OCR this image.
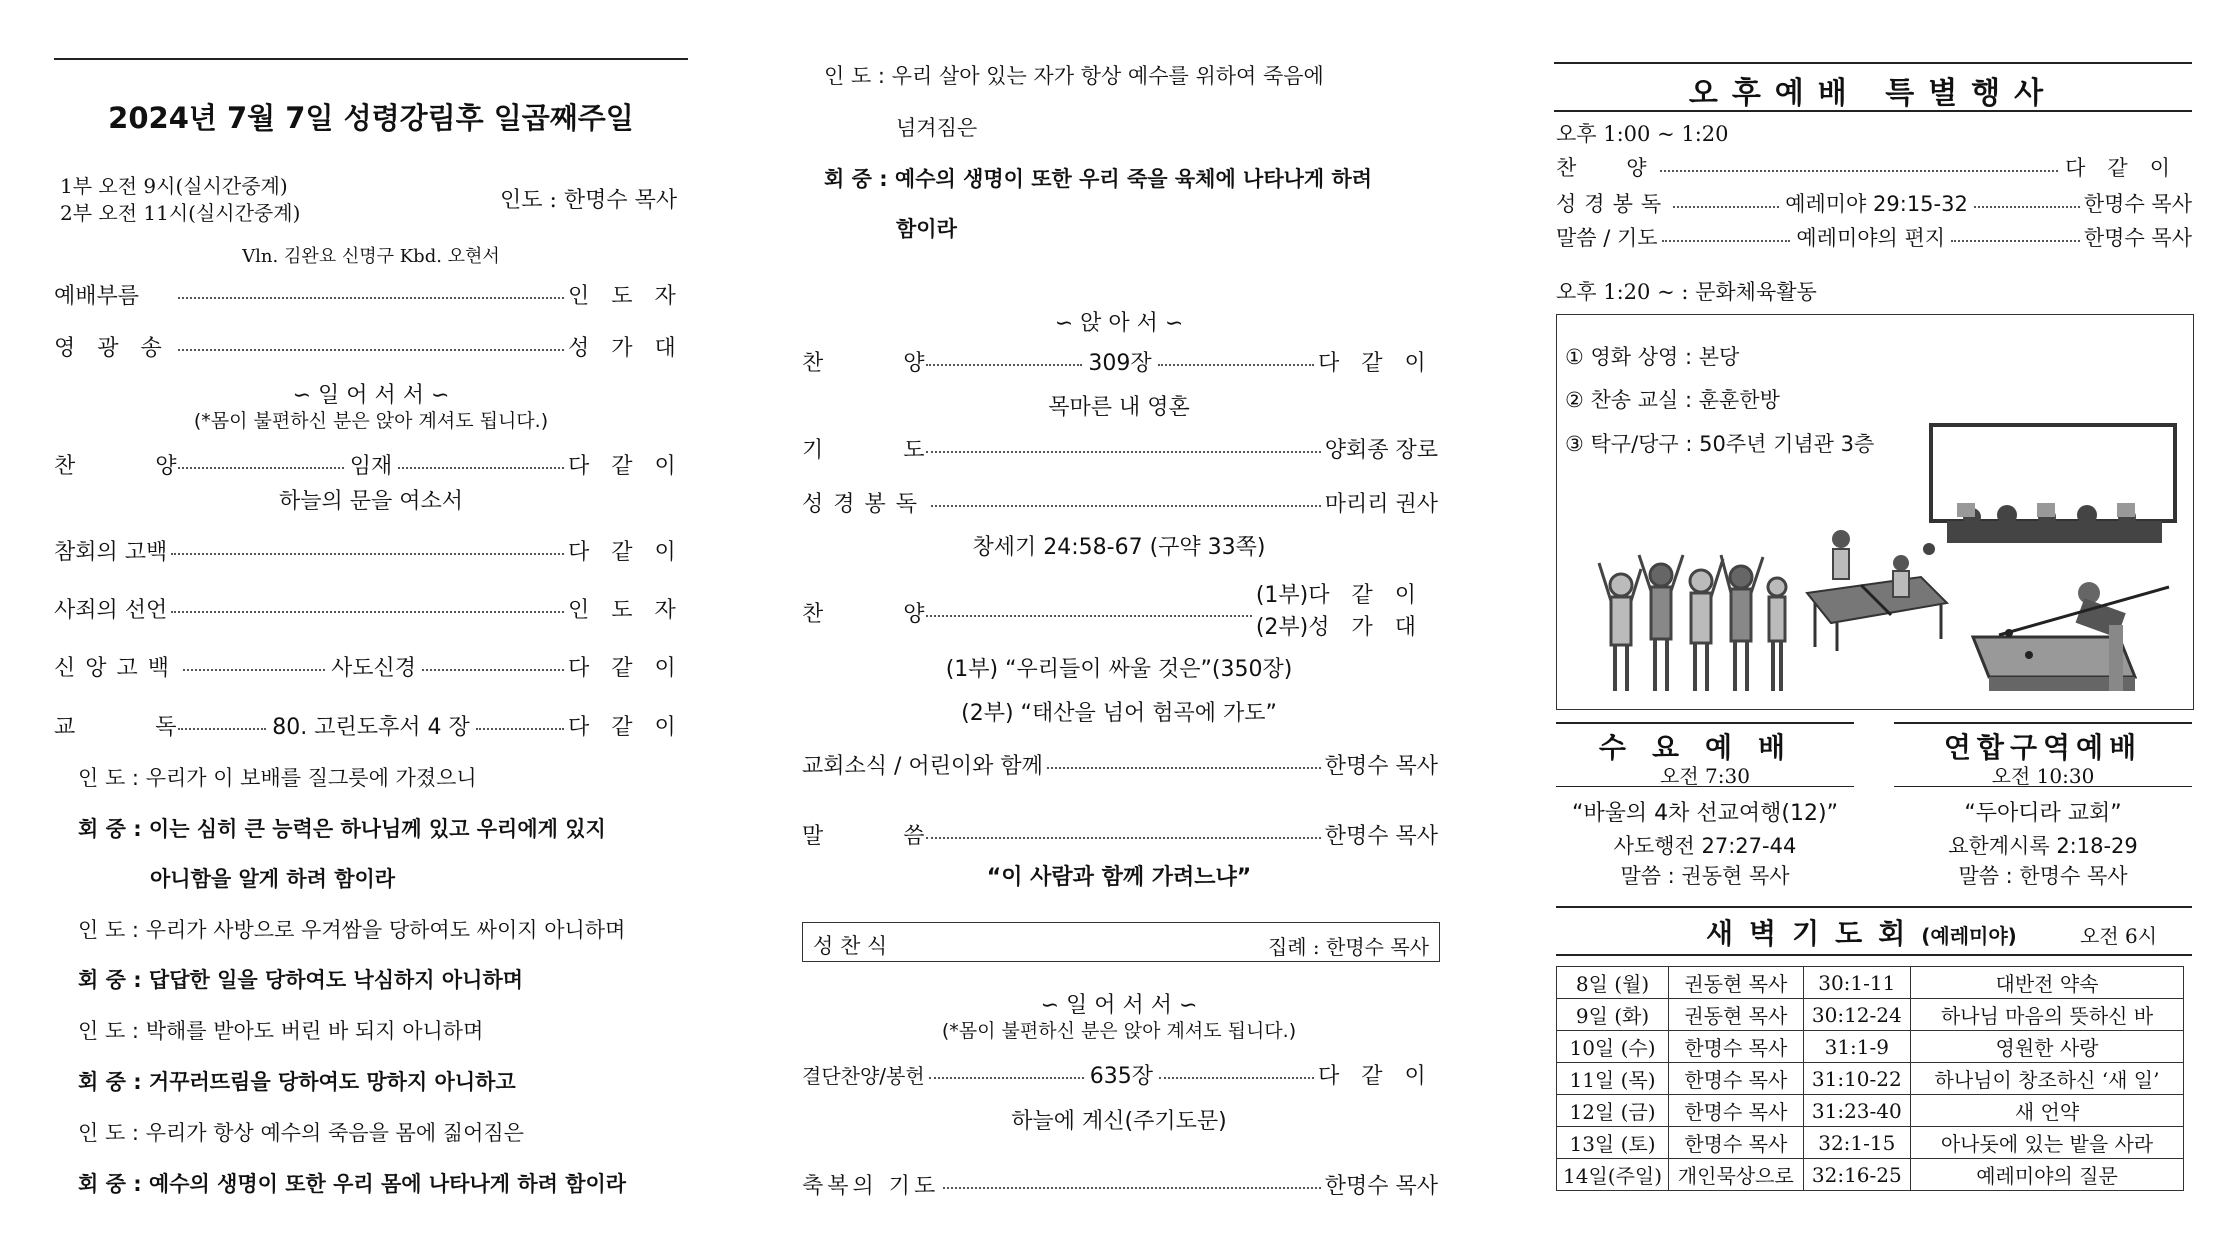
2024년 7월 7일 성령강림후 일곱째주일
1부 오전 9시(실시간중계)
2부 오전 11시(실시간중계)	인도 : 한명수 목사
Vln. 김완요 신명구 Kbd. 오현서
예배부름	인도자
영광송	성가대
∽ 일 어 서 서 ∽
(*몸이 불편하신 분은 앉아 계셔도 됩니다.)
찬양	임재	다같이
하늘의 문을 여소서
참회의 고백	다같이
사죄의 선언	인도자
신앙고백	사도신경	다같이
교독 80. 고린도후서 4 장	다같이
인 도 : 우리가 이 보배를 질그릇에 가졌으니
회 중 : 이는 심히 큰 능력은 하나님께 있고 우리에게 있지
아니함을 알게 하려 함이라
인 도 : 우리가 사방으로 우겨쌈을 당하여도 싸이지 아니하며
회 중 : 답답한 일을 당하여도 낙심하지 아니하며
인 도 : 박해를 받아도 버린 바 되지 아니하며
회 중 : 거꾸러뜨림을 당하여도 망하지 아니하고
인 도 : 우리가 항상 예수의 죽음을 몸에 짊어짐은
회 중 : 예수의 생명이 또한 우리 몸에 나타나게 하려 함이라
인 도 : 우리 살아 있는 자가 항상 예수를 위하여 죽음에
넘겨짐은
회 중 : 예수의 생명이 또한 우리 죽을 육체에 나타나게 하려
함이라
∽ 앉 아 서 ∽
찬양	309장	다같이
목마른 내 영혼
기도	양회종 장로
성경봉독	마리리 권사
창세기 24:58-67 (구약 33쪽)
찬양
(1부)다같이
(2부)성가대
(1부) “우리들이 싸울 것은”(350장)
(2부) “태산을 넘어 험곡에 가도”
교회소식 / 어린이와 함께	한명수 목사
말씀	한명수 목사
“이 사람과 함께 가려느냐”
성 찬 식	집례 : 한명수 목사
∽ 일 어 서 서 ∽
(*몸이 불편하신 분은 앉아 계셔도 됩니다.)
결단찬양/봉헌	635장	다같이
하늘에 계신(주기도문)
축복의 기도	한명수 목사
오후예배 특별행사
오후 1:00 ~ 1:20
찬양	다같이
성경봉독	예레미야 29:15-32	한명수 목사
말씀 / 기도	예레미야의 편지	한명수 목사
오후 1:20 ~ : 문화체육활동
① 영화 상영 : 본당
② 찬송 교실 : 훈훈한방
③ 탁구/당구 : 50주년 기념관 3층
수요예배
오전 7:30
“바울의 4차 선교여행(12)”
사도행전 27:27-44
말씀 : 권동현 목사
연합구역예배
오전 10:30
“두아디라 교회”
요한계시록 2:18-29
말씀 : 한명수 목사
새벽기도회(예레미야)	오전 6시
8일 (월)	권동현 목사	30:1-11	대반전 약속
9일 (화)	권동현 목사	30:12-24	하나님 마음의 뜻하신 바
10일 (수)	한명수 목사	31:1-9	영원한 사랑
11일 (목)	한명수 목사	31:10-22	하나님이 창조하신 ‘새 일’
12일 (금)	한명수 목사	31:23-40	새 언약
13일 (토)	한명수 목사	32:1-15	아나돗에 있는 밭을 사라
14일(주일)	개인묵상으로	32:16-25	예레미야의 질문
